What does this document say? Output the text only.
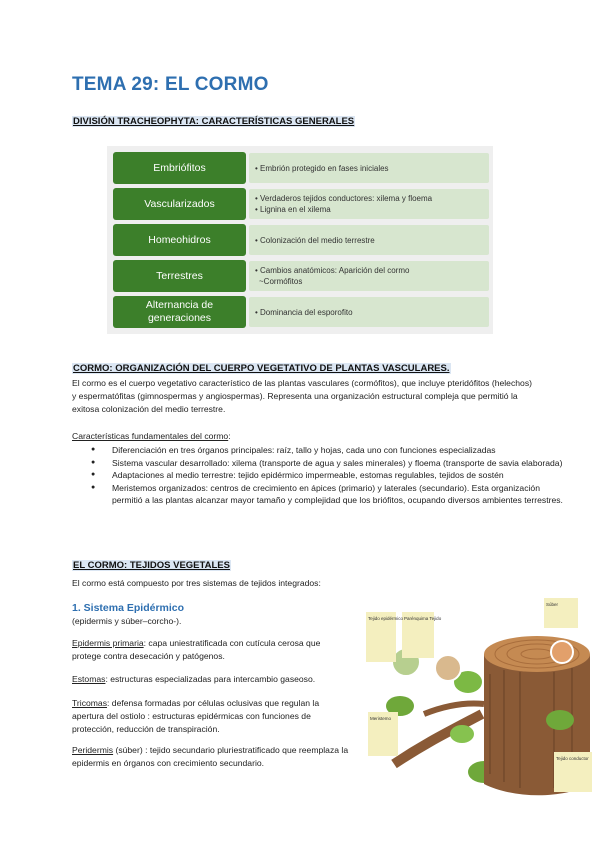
TEMA 29: EL CORMO
DIVISIÓN TRACHEOPHYTA: CARACTERÍSTICAS GENERALES
Embriófitos	• Embrión protegido en fases iniciales
Vascularizados	• Verdaderos tejidos conductores: xilema y floema
• Lignina en el xilema
Homeohidros	• Colonización del medio terrestre
Terrestres	• Cambios anatómicos: Aparición del cormo
~Cormófitos
Alternancia de generaciones	• Dominancia del esporofito
CORMO: ORGANIZACIÓN DEL CUERPO VEGETATIVO DE PLANTAS VASCULARES.
El cormo es el cuerpo vegetativo característico de las plantas vasculares (cormófitos), que incluye pteridófitos (helechos) y espermatófitas (gimnospermas y angiospermas). Representa una organización estructural compleja que permitió la exitosa colonización del medio terrestre.
Características fundamentales del cormo:
● Diferenciación en tres órganos principales: raíz, tallo y hojas, cada uno con funciones especializadas
● Sistema vascular desarrollado: xilema (transporte de agua y sales minerales) y floema (transporte de savia elaborada)
● Adaptaciones al medio terrestre: tejido epidérmico impermeable, estomas regulables, tejidos de sostén
● Meristemos organizados: centros de crecimiento en ápices (primario) y laterales (secundario). Esta organización permitió a las plantas alcanzar mayor tamaño y complejidad que los briófitos, ocupando diversos ambientes terrestres.
EL CORMO: TEJIDOS VEGETALES
El cormo está compuesto por tres sistemas de tejidos integrados:
1. Sistema Epidérmico
(epidermis y súber–corcho-).
Epidermis primaria: capa uniestratificada con cutícula cerosa que protege contra desecación y patógenos.
Estomas: estructuras especializadas para intercambio gaseoso.
Tricomas: defensa formadas por células oclusivas que regulan la apertura del ostiolo : estructuras epidérmicas con funciones de protección, reducción de transpiración.
Peridermis (súber) : tejido secundario pluriestratificado que reemplaza la epidermis en órganos con crecimiento secundario.
Tejido epidérmico Parénquima Tejido
Súber
Meristemo
Tejido conductor
